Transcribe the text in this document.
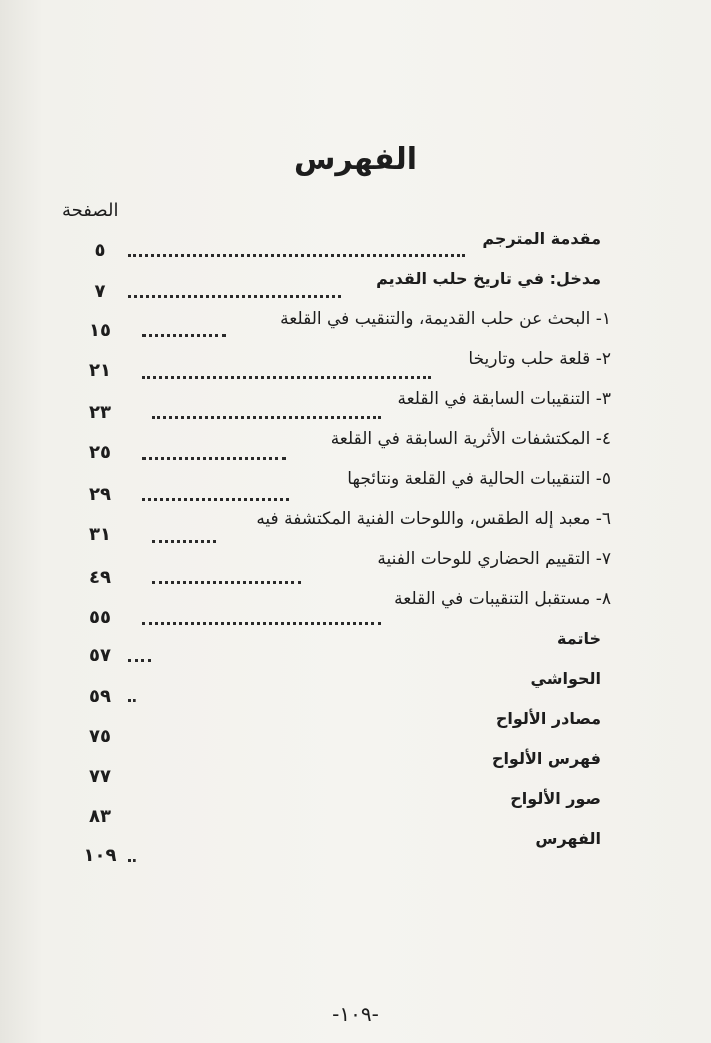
الفهرس
الصفحة
مقدمة المترجم
٥
مدخل: في تاريخ حلب القديم
٧
١- البحث عن حلب القديمة، والتنقيب في القلعة
١٥
٢- قلعة حلب وتاريخا
٢١
٣- التنقيبات السابقة في القلعة
٢٣
٤- المكتشفات الأثرية السابقة في القلعة
٢٥
٥- التنقيبات الحالية في القلعة ونتائجها
٢٩
٦- معبد إله الطقس، واللوحات الفنية المكتشفة فيه
٣١
٧- التقييم الحضاري للوحات الفنية
٤٩
٨- مستقبل التنقيبات في القلعة
٥٥
خاتمة
٥٧
الحواشي
٥٩
مصادر الألواح
٧٥
فهرس الألواح
٧٧
صور الألواح
٨٣
الفهرس
١٠٩
-١٠٩-
